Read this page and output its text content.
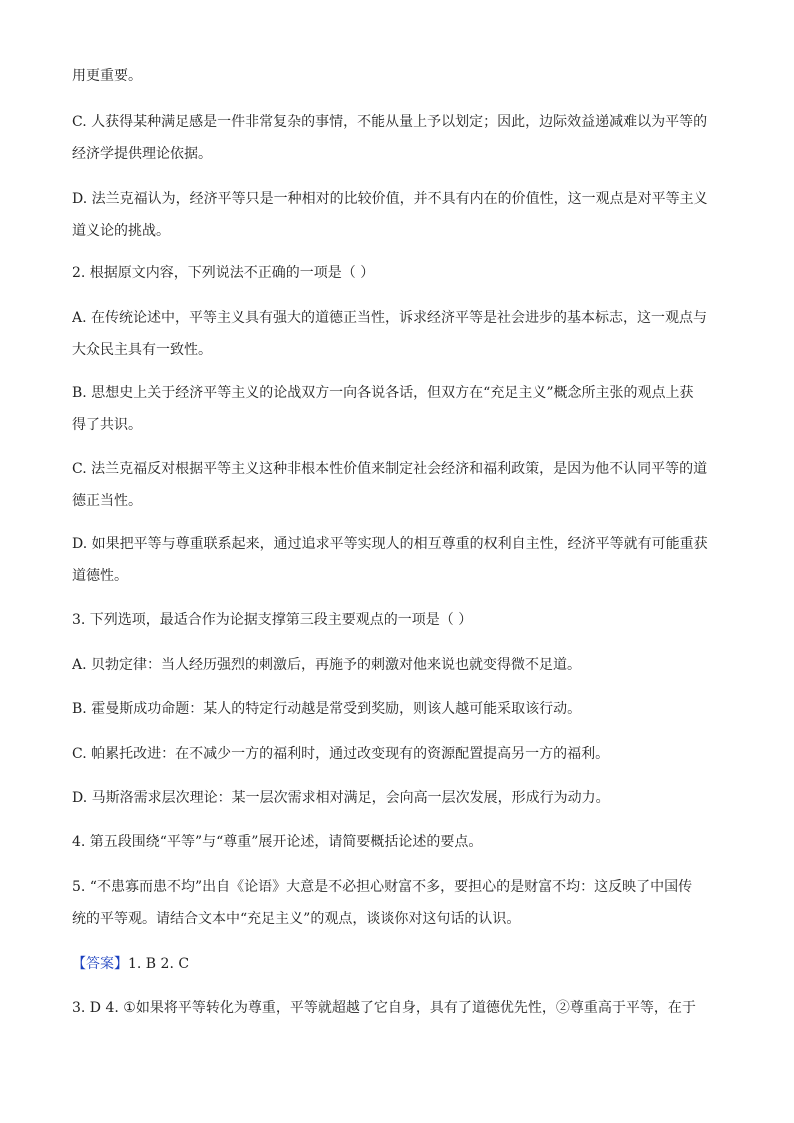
用更重要。
C. 人获得某种满足感是一件非常复杂的事情，不能从量上予以划定；因此，边际效益递减难以为平等的
经济学提供理论依据。
D. 法兰克福认为，经济平等只是一种相对的比较价值，并不具有内在的价值性，这一观点是对平等主义
道义论的挑战。
2. 根据原文内容，下列说法不正确的一项是（ ）
A. 在传统论述中，平等主义具有强大的道德正当性，诉求经济平等是社会进步的基本标志，这一观点与
大众民主具有一致性。
B. 思想史上关于经济平等主义的论战双方一向各说各话，但双方在“充足主义”概念所主张的观点上获
得了共识。
C. 法兰克福反对根据平等主义这种非根本性价值来制定社会经济和福利政策，是因为他不认同平等的道
德正当性。
D. 如果把平等与尊重联系起来，通过追求平等实现人的相互尊重的权利自主性，经济平等就有可能重获
道德性。
3. 下列选项，最适合作为论据支撑第三段主要观点的一项是（ ）
A. 贝勃定律：当人经历强烈的刺激后，再施予的刺激对他来说也就变得微不足道。
B. 霍曼斯成功命题：某人的特定行动越是常受到奖励，则该人越可能采取该行动。
C. 帕累托改进：在不减少一方的福利时，通过改变现有的资源配置提高另一方的福利。
D. 马斯洛需求层次理论：某一层次需求相对满足，会向高一层次发展，形成行为动力。
4. 第五段围绕“平等”与“尊重”展开论述，请简要概括论述的要点。
5. “不患寡而患不均”出自《论语》大意是不必担心财富不多，要担心的是财富不均：这反映了中国传
统的平等观。请结合文本中“充足主义”的观点，谈谈你对这句话的认识。
【答案】1. B 2. C
3. D 4. ①如果将平等转化为尊重，平等就超越了它自身，具有了道德优先性，②尊重高于平等，在于
